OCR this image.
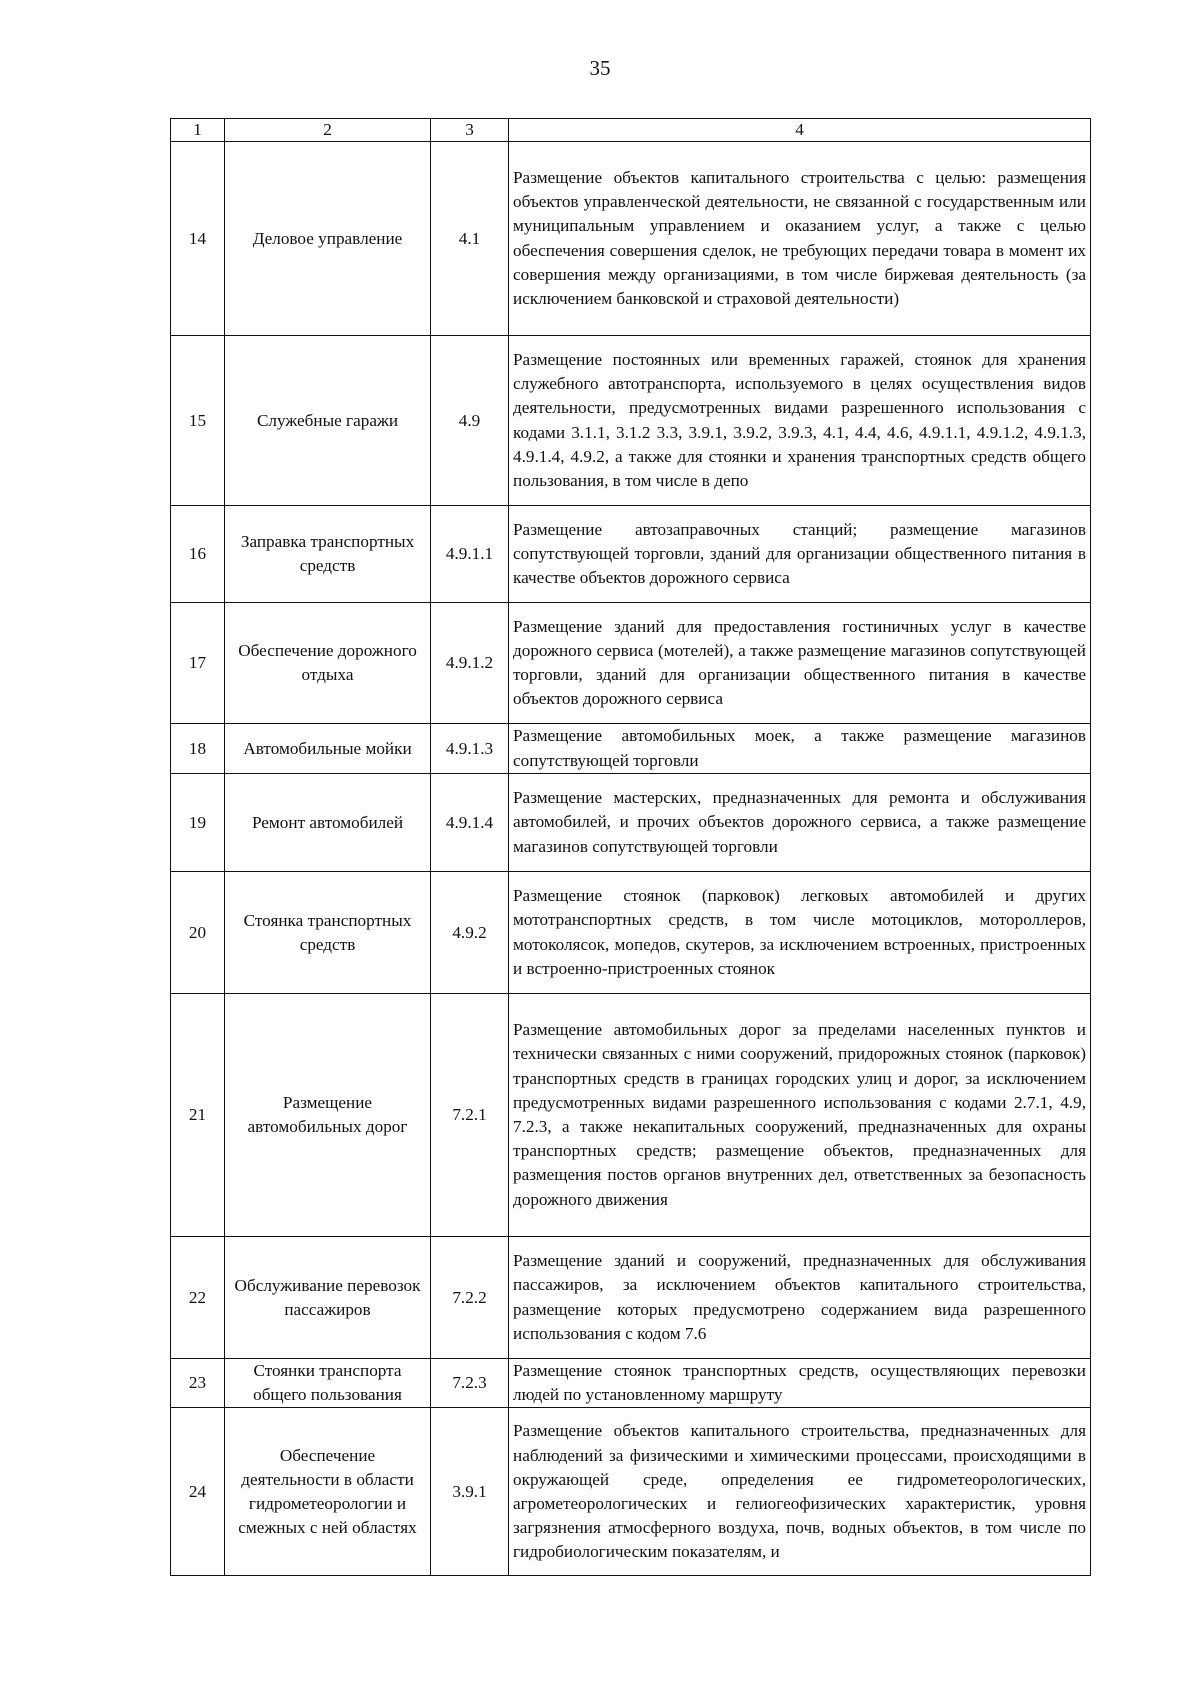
35
1	2	3	4
14	Деловое управление	4.1	Размещение объектов капитального строительства с целью: размещения объектов управленческой деятельности, не связанной с государственным или муниципальным управлением и оказанием услуг, а также с целью обеспечения совершения сделок, не требующих передачи товара в момент их совершения между организациями, в том числе биржевая деятельность (за исключением банковской и страховой деятельности)
15	Служебные гаражи	4.9	Размещение постоянных или временных гаражей, стоянок для хранения служебного автотранспорта, используемого в целях осуществления видов деятельности, предусмотренных видами разрешенного использования с кодами 3.1.1, 3.1.2 3.3, 3.9.1, 3.9.2, 3.9.3, 4.1, 4.4, 4.6, 4.9.1.1, 4.9.1.2, 4.9.1.3, 4.9.1.4, 4.9.2, а также для стоянки и хранения транспортных средств общего пользования, в том числе в депо
16	Заправка транспортных средств	4.9.1.1	Размещение автозаправочных станций; размещение магазинов сопутствующей торговли, зданий для организации общественного питания в качестве объектов дорожного сервиса
17	Обеспечение дорожного отдыха	4.9.1.2	Размещение зданий для предоставления гостиничных услуг в качестве дорожного сервиса (мотелей), а также размещение магазинов сопутствующей торговли, зданий для организации общественного питания в качестве объектов дорожного сервиса
18	Автомобильные мойки	4.9.1.3	Размещение автомобильных моек, а также размещение магазинов сопутствующей торговли
19	Ремонт автомобилей	4.9.1.4	Размещение мастерских, предназначенных для ремонта и обслуживания автомобилей, и прочих объектов дорожного сервиса, а также размещение магазинов сопутствующей торговли
20	Стоянка транспортных средств	4.9.2	Размещение стоянок (парковок) легковых автомобилей и других мототранспортных средств, в том числе мотоциклов, мотороллеров, мотоколясок, мопедов, скутеров, за исключением встроенных, пристроенных и встроенно-пристроенных стоянок
21	Размещение автомобильных дорог	7.2.1	Размещение автомобильных дорог за пределами населенных пунктов и технически связанных с ними сооружений, придорожных стоянок (парковок) транспортных средств в границах городских улиц и дорог, за исключением предусмотренных видами разрешенного использования с кодами 2.7.1, 4.9, 7.2.3, а также некапитальных сооружений, предназначенных для охраны транспортных средств; размещение объектов, предназначенных для размещения постов органов внутренних дел, ответственных за безопасность дорожного движения
22	Обслуживание перевозок пассажиров	7.2.2	Размещение зданий и сооружений, предназначенных для обслуживания пассажиров, за исключением объектов капитального строительства, размещение которых предусмотрено содержанием вида разрешенного использования с кодом 7.6
23	Стоянки транспорта общего пользования	7.2.3	Размещение стоянок транспортных средств, осуществляющих перевозки людей по установленному маршруту
24	Обеспечение деятельности в области гидрометеорологии и смежных с ней областях	3.9.1	Размещение объектов капитального строительства, предназначенных для наблюдений за физическими и химическими процессами, происходящими в окружающей среде, определения ее гидрометеорологических, агрометеорологических и гелиогеофизических характеристик, уровня загрязнения атмосферного воздуха, почв, водных объектов, в том числе по гидробиологическим показателям, и
